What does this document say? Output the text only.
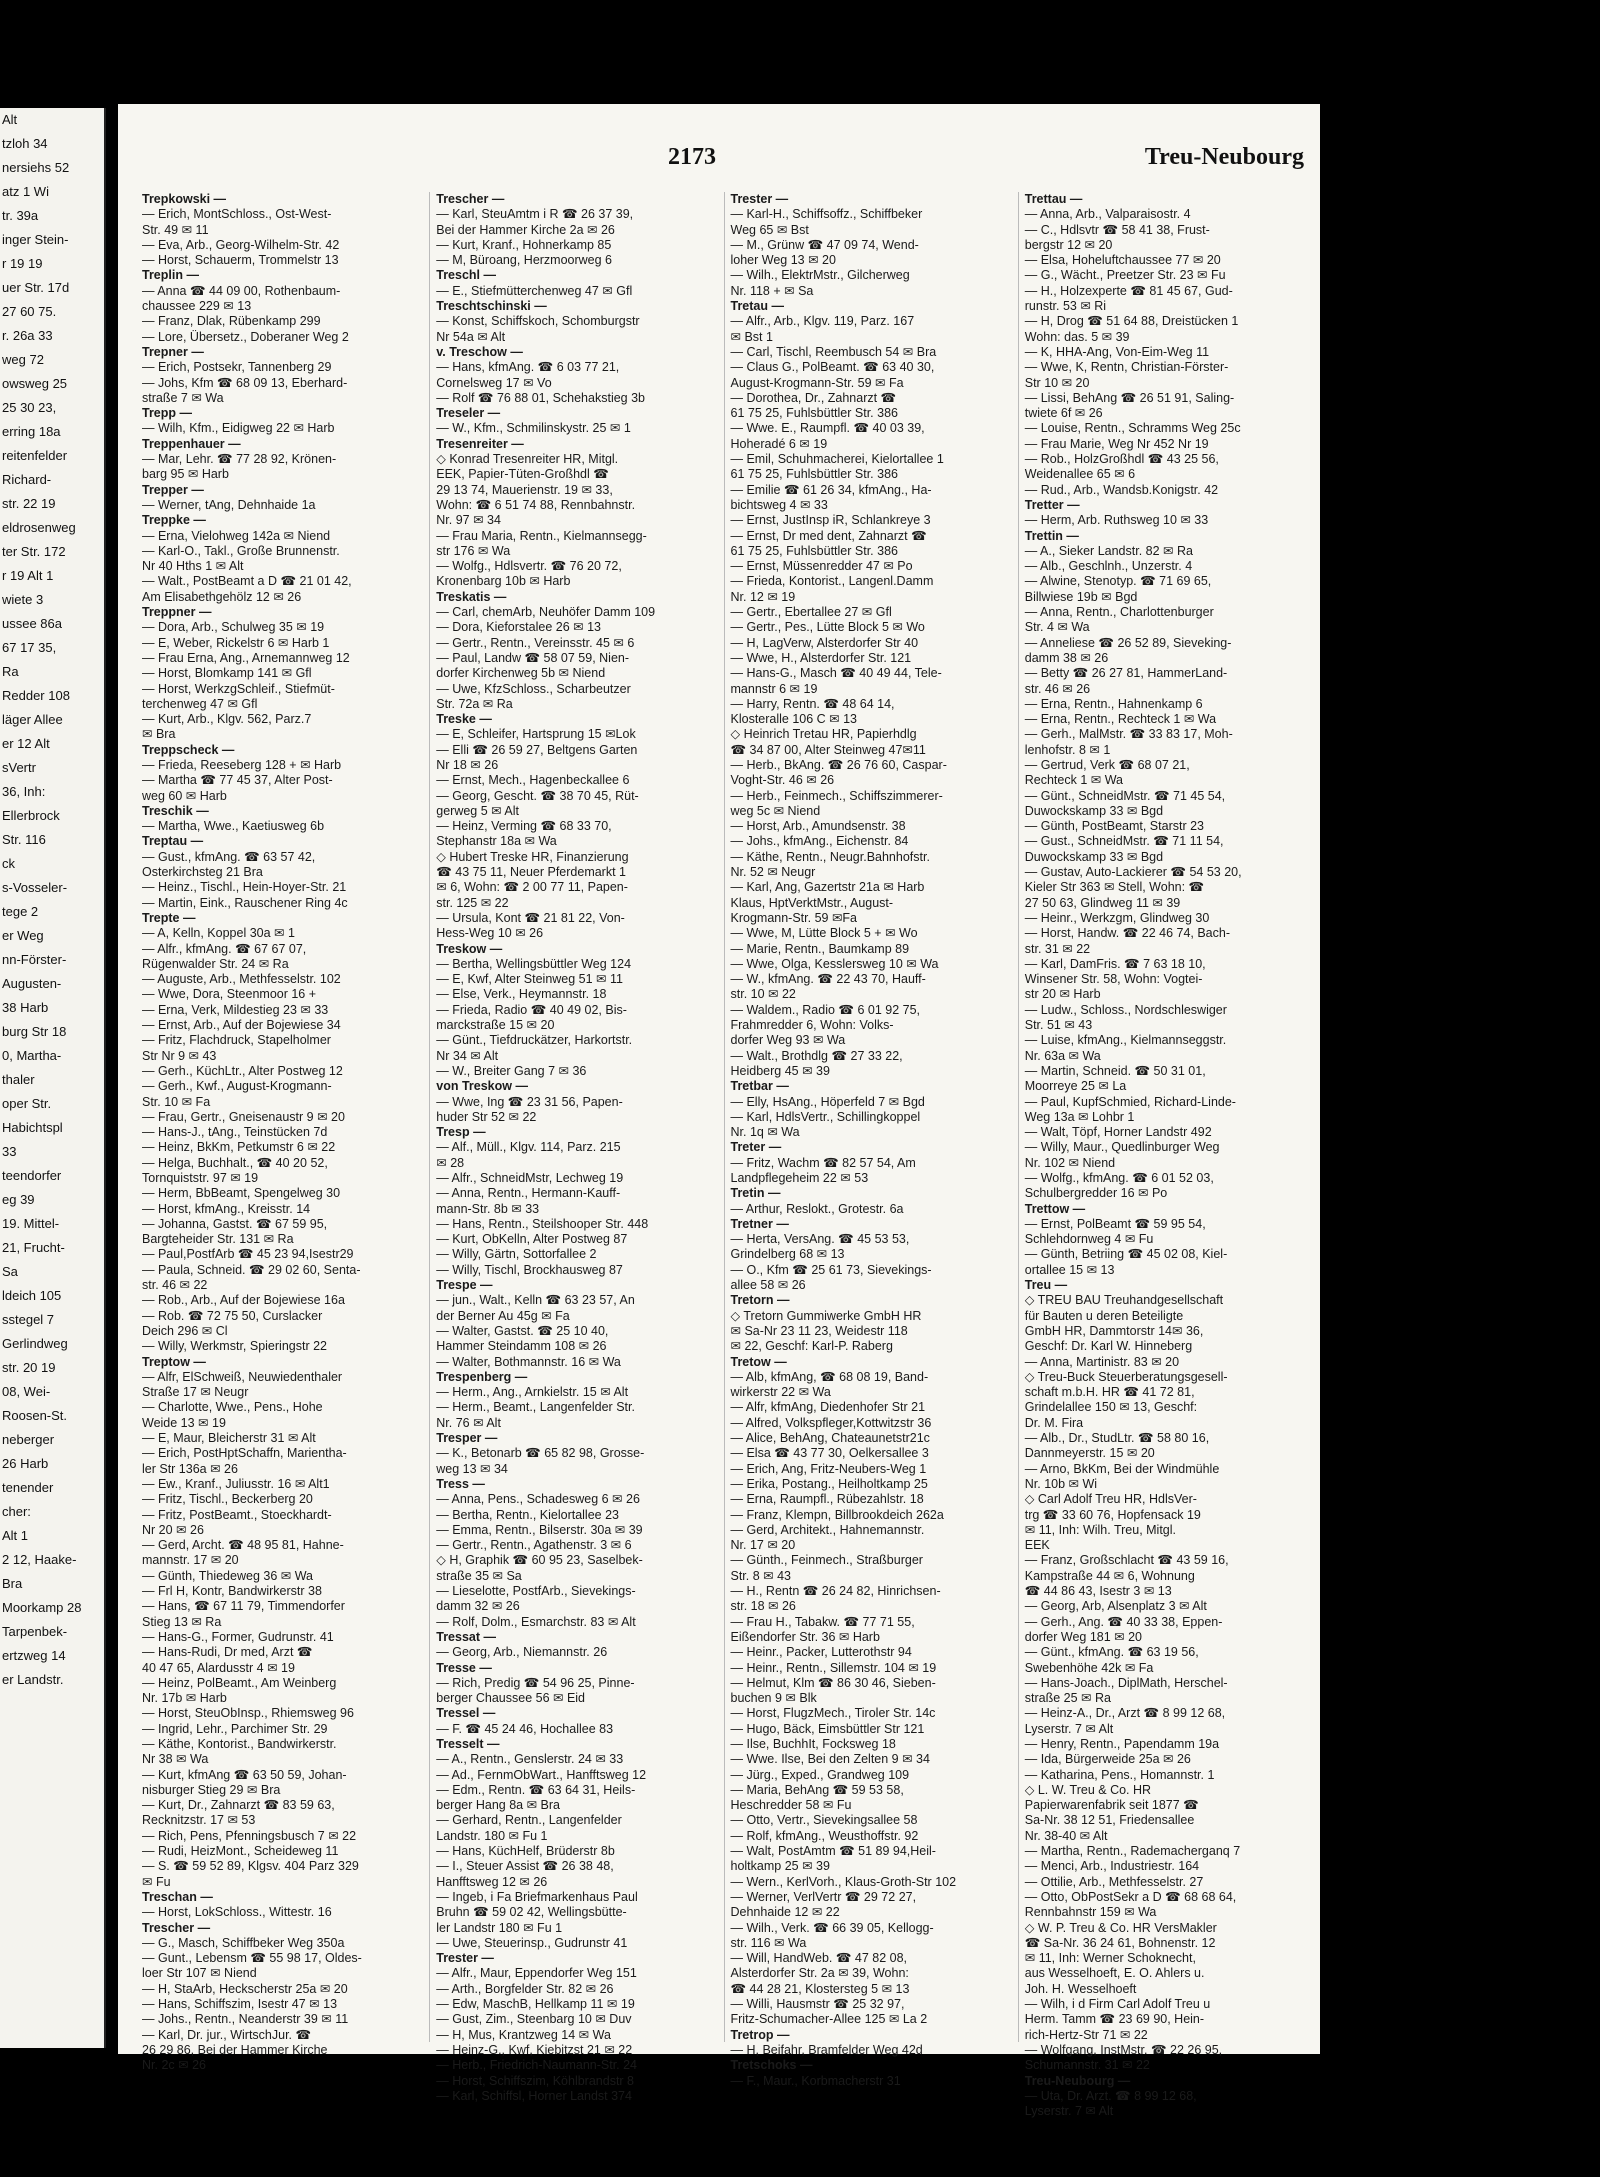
Alt
tzloh 34
nersiehs 52
atz 1 Wi
tr. 39a
inger Stein-
r 19 19
uer Str. 17d
27 60 75.
r. 26a 33
weg 72
owsweg 25
25 30 23,
erring 18a
reitenfelder
Richard-
str. 22 19
eldrosenweg
ter Str. 172
r 19 Alt 1
wiete 3
ussee 86a
67 17 35,
Ra
Redder 108
läger Allee
er 12 Alt
sVertr
36, Inh:
Ellerbrock
Str. 116
ck
s-Vosseler-
tege 2
er Weg
nn-Förster-
Augusten-
38 Harb
burg Str 18
0, Martha-
thaler
oper Str.
Habichtspl
33
teendorfer
eg 39
19. Mittel-
21, Frucht-
Sa
ldeich 105
sstegel 7
Gerlindweg
str. 20 19
08, Wei-
Roosen-St.
neberger
26 Harb
tenender
cher:
Alt 1
2 12, Haake-
Bra
Moorkamp 28
Tarpenbek-
ertzweg 14
er Landstr.
2173	Treu-Neubourg
Trepkowski —
— Erich, MontSchloss., Ost-West-
Str. 49 ✉ 11
— Eva, Arb., Georg-Wilhelm-Str. 42
— Horst, Schauerm, Trommelstr 13
Treplin —
— Anna ☎ 44 09 00, Rothenbaum-
chaussee 229 ✉ 13
— Franz, Dlak, Rübenkamp 299
— Lore, Übersetz., Doberaner Weg 2
Trepner —
— Erich, Postsekr, Tannenberg 29
— Johs, Kfm ☎ 68 09 13, Eberhard-
straße 7 ✉ Wa
Trepp —
— Wilh, Kfm., Eidigweg 22 ✉ Harb
Treppenhauer —
— Mar, Lehr. ☎ 77 28 92, Krönen-
barg 95 ✉ Harb
Trepper —
— Werner, tAng, Dehnhaide 1a
Treppke —
— Erna, Vielohweg 142a ✉ Niend
— Karl-O., Takl., Große Brunnenstr.
Nr 40 Hths 1 ✉ Alt
— Walt., PostBeamt a D ☎ 21 01 42,
Am Elisabethgehölz 12 ✉ 26
Treppner —
— Dora, Arb., Schulweg 35 ✉ 19
— E, Weber, Rickelstr 6 ✉ Harb 1
— Frau Erna, Ang., Arnemannweg 12
— Horst, Blomkamp 141 ✉ Gfl
— Horst, WerkzgSchleif., Stiefmüt-
terchenweg 47 ✉ Gfl
— Kurt, Arb., Klgv. 562, Parz.7
✉ Bra
Treppscheck —
— Frieda, Reeseberg 128 + ✉ Harb
— Martha ☎ 77 45 37, Alter Post-
weg 60 ✉ Harb
Treschik —
— Martha, Wwe., Kaetiusweg 6b
Treptau —
— Gust., kfmAng. ☎ 63 57 42,
Osterkirchsteg 21 Bra
— Heinz., Tischl., Hein-Hoyer-Str. 21
— Martin, Eink., Rauschener Ring 4c
Trepte —
— A, Kelln, Koppel 30a ✉ 1
— Alfr., kfmAng. ☎ 67 67 07,
Rügenwalder Str. 24 ✉ Ra
— Auguste, Arb., Methfesselstr. 102
— Wwe, Dora, Steenmoor 16 +
— Erna, Verk, Mildestieg 23 ✉ 33
— Ernst, Arb., Auf der Bojewiese 34
— Fritz, Flachdruck, Stapelholmer
Str Nr 9 ✉ 43
— Gerh., KüchLtr., Alter Postweg 12
— Gerh., Kwf., August-Krogmann-
Str. 10 ✉ Fa
— Frau, Gertr., Gneisenaustr 9 ✉ 20
— Hans-J., tAng., Teinstücken 7d
— Heinz, BkKm, Petkumstr 6 ✉ 22
— Helga, Buchhalt., ☎ 40 20 52,
Tornquiststr. 97 ✉ 19
— Herm, BbBeamt, Spengelweg 30
— Horst, kfmAng., Kreisstr. 14
— Johanna, Gastst. ☎ 67 59 95,
Bargteheider Str. 131 ✉ Ra
— Paul,PostfArb ☎ 45 23 94,Isestr29
— Paula, Schneid. ☎ 29 02 60, Senta-
str. 46 ✉ 22
— Rob., Arb., Auf der Bojewiese 16a
— Rob. ☎ 72 75 50, Curslacker
Deich 296 ✉ Cl
— Willy, Werkmstr, Spieringstr 22
Treptow —
— Alfr, ElSchweiß, Neuwiedenthaler
Straße 17 ✉ Neugr
— Charlotte, Wwe., Pens., Hohe
Weide 13 ✉ 19
— E, Maur, Bleicherstr 31 ✉ Alt
— Erich, PostHptSchaffn, Marientha-
ler Str 136a ✉ 26
— Ew., Kranf., Juliusstr. 16 ✉ Alt1
— Fritz, Tischl., Beckerberg 20
— Fritz, PostBeamt., Stoeckhardt-
Nr 20 ✉ 26
— Gerd, Archt. ☎ 48 95 81, Hahne-
mannstr. 17 ✉ 20
— Günth, Thiedeweg 36 ✉ Wa
— Frl H, Kontr, Bandwirkerstr 38
— Hans, ☎ 67 11 79, Timmendorfer
Stieg 13 ✉ Ra
— Hans-G., Former, Gudrunstr. 41
— Hans-Rudi, Dr med, Arzt ☎
40 47 65, Alardusstr 4 ✉ 19
— Heinz, PolBeamt., Am Weinberg
Nr. 17b ✉ Harb
— Horst, SteuObInsp., Rhiemsweg 96
— Ingrid, Lehr., Parchimer Str. 29
— Käthe, Kontorist., Bandwirkerstr.
Nr 38 ✉ Wa
— Kurt, kfmAng ☎ 63 50 59, Johan-
nisburger Stieg 29 ✉ Bra
— Kurt, Dr., Zahnarzt ☎ 83 59 63,
Recknitzstr. 17 ✉ 53
— Rich, Pens, Pfenningsbusch 7 ✉ 22
— Rudi, HeizMont., Scheideweg 11
— S. ☎ 59 52 89, Klgsv. 404 Parz 329
✉ Fu
Treschan —
— Horst, LokSchloss., Wittestr. 16
Trescher —
— G., Masch, Schiffbeker Weg 350a
— Gunt., Lebensm ☎ 55 98 17, Oldes-
loer Str 107 ✉ Niend
— H, StaArb, Heckscherstr 25a ✉ 20
— Hans, Schiffszim, Isestr 47 ✉ 13
— Johs., Rentn., Neanderstr 39 ✉ 11
— Karl, Dr. jur., WirtschJur. ☎
26 29 86, Bei der Hammer Kirche
Nr. 2c ✉ 26
Trescher —
— Karl, SteuAmtm i R ☎ 26 37 39,
Bei der Hammer Kirche 2a ✉ 26
— Kurt, Kranf., Hohnerkamp 85
— M, Büroang, Herzmoorweg 6
Treschl —
— E., Stiefmütterchenweg 47 ✉ Gfl
Treschtschinski —
— Konst, Schiffskoch, Schomburgstr
Nr 54a ✉ Alt
v. Treschow —
— Hans, kfmAng. ☎ 6 03 77 21,
Cornelsweg 17 ✉ Vo
— Rolf ☎ 76 88 01, Schehakstieg 3b
Treseler —
— W., Kfm., Schmilinskystr. 25 ✉ 1
Tresenreiter —
◇ Konrad Tresenreiter HR, Mitgl.
EEK, Papier-Tüten-Großhdl ☎
29 13 74, Mauerienstr. 19 ✉ 33,
Wohn: ☎ 6 51 74 88, Rennbahnstr.
Nr. 97 ✉ 34
— Frau Maria, Rentn., Kielmannsegg-
str 176 ✉ Wa
— Wolfg., Hdlsvertr. ☎ 76 20 72,
Kronenbarg 10b ✉ Harb
Treskatis —
— Carl, chemArb, Neuhöfer Damm 109
— Dora, Kieforstalee 26 ✉ 13
— Gertr., Rentn., Vereinsstr. 45 ✉ 6
— Paul, Landw ☎ 58 07 59, Nien-
dorfer Kirchenweg 5b ✉ Niend
— Uwe, KfzSchloss., Scharbeutzer
Str. 72a ✉ Ra
Treske —
— E, Schleifer, Hartsprung 15 ✉Lok
— Elli ☎ 26 59 27, Beltgens Garten
Nr 18 ✉ 26
— Ernst, Mech., Hagenbeckallee 6
— Georg, Gescht. ☎ 38 70 45, Rüt-
gerweg 5 ✉ Alt
— Heinz, Verming ☎ 68 33 70,
Stephanstr 18a ✉ Wa
◇ Hubert Treske HR, Finanzierung
☎ 43 75 11, Neuer Pferdemarkt 1
✉ 6, Wohn: ☎ 2 00 77 11, Papen-
str. 125 ✉ 22
— Ursula, Kont ☎ 21 81 22, Von-
Hess-Weg 10 ✉ 26
Treskow —
— Bertha, Wellingsbüttler Weg 124
— E, Kwf, Alter Steinweg 51 ✉ 11
— Else, Verk., Heymannstr. 18
— Frieda, Radio ☎ 40 49 02, Bis-
marckstraße 15 ✉ 20
— Günt., Tiefdruckätzer, Harkortstr.
Nr 34 ✉ Alt
— W., Breiter Gang 7 ✉ 36
von Treskow —
— Wwe, Ing ☎ 23 31 56, Papen-
huder Str 52 ✉ 22
Tresp —
— Alf., Müll., Klgv. 114, Parz. 215
✉ 28
— Alfr., SchneidMstr, Lechweg 19
— Anna, Rentn., Hermann-Kauff-
mann-Str. 8b ✉ 33
— Hans, Rentn., Steilshooper Str. 448
— Kurt, ObKelln, Alter Postweg 87
— Willy, Gärtn, Sottorfallee 2
— Willy, Tischl, Brockhausweg 87
Trespe —
— jun., Walt., Kelln ☎ 63 23 57, An
der Berner Au 45g ✉ Fa
— Walter, Gastst. ☎ 25 10 40,
Hammer Steindamm 108 ✉ 26
— Walter, Bothmannstr. 16 ✉ Wa
Trespenberg —
— Herm., Ang., Arnkielstr. 15 ✉ Alt
— Herm., Beamt., Langenfelder Str.
Nr. 76 ✉ Alt
Tresper —
— K., Betonarb ☎ 65 82 98, Grosse-
weg 13 ✉ 34
Tress —
— Anna, Pens., Schadesweg 6 ✉ 26
— Bertha, Rentn., Kielortallee 23
— Emma, Rentn., Bilserstr. 30a ✉ 39
— Gertr., Rentn., Agathenstr. 3 ✉ 6
◇ H, Graphik ☎ 60 95 23, Saselbek-
straße 35 ✉ Sa
— Lieselotte, PostfArb., Sievekings-
damm 32 ✉ 26
— Rolf, Dolm., Esmarchstr. 83 ✉ Alt
Tressat —
— Georg, Arb., Niemannstr. 26
Tresse —
— Rich, Predig ☎ 54 96 25, Pinne-
berger Chaussee 56 ✉ Eid
Tressel —
— F. ☎ 45 24 46, Hochallee 83
Tresselt —
— A., Rentn., Genslerstr. 24 ✉ 33
— Ad., FernmObWart., Hanfftsweg 12
— Edm., Rentn. ☎ 63 64 31, Heils-
berger Hang 8a ✉ Bra
— Gerhard, Rentn., Langenfelder
Landstr. 180 ✉ Fu 1
— Hans, KüchHelf, Brüderstr 8b
— I., Steuer Assist ☎ 26 38 48,
Hanfftsweg 12 ✉ 26
— Ingeb, i Fa Briefmarkenhaus Paul
Bruhn ☎ 59 02 42, Wellingsbütte-
ler Landstr 180 ✉ Fu 1
— Uwe, Steuerinsp., Gudrunstr 41
Trester —
— Alfr., Maur, Eppendorfer Weg 151
— Arth., Borgfelder Str. 82 ✉ 26
— Edw, MaschB, Hellkamp 11 ✉ 19
— Gust, Zim., Steenbarg 10 ✉ Duv
— H, Mus, Krantzweg 14 ✉ Wa
— Heinz-G., Kwf, Kiebitzst 21 ✉ 22
— Herb., Friedrich-Naumann-Str. 24
— Horst, Schiffszim, Köhlbrandstr 8
— Karl, Schiffsl, Horner Landst 374
Trester —
— Karl-H., Schiffsoffz., Schiffbeker
Weg 65 ✉ Bst
— M., Grünw ☎ 47 09 74, Wend-
loher Weg 13 ✉ 20
— Wilh., ElektrMstr., Gilcherweg
Nr. 118 + ✉ Sa
Tretau —
— Alfr., Arb., Klgv. 119, Parz. 167
✉ Bst 1
— Carl, Tischl, Reembusch 54 ✉ Bra
— Claus G., PolBeamt. ☎ 63 40 30,
August-Krogmann-Str. 59 ✉ Fa
— Dorothea, Dr., Zahnarzt ☎
61 75 25, Fuhlsbüttler Str. 386
— Wwe. E., Raumpfl. ☎ 40 03 39,
Hoheradé 6 ✉ 19
— Emil, Schuhmacherei, Kielortallee 1
61 75 25, Fuhlsbüttler Str. 386
— Emilie ☎ 61 26 34, kfmAng., Ha-
bichtsweg 4 ✉ 33
— Ernst, JustInsp iR, Schlankreye 3
— Ernst, Dr med dent, Zahnarzt ☎
61 75 25, Fuhlsbüttler Str. 386
— Ernst, Müssenredder 47 ✉ Po
— Frieda, Kontorist., Langenl.Damm
Nr. 12 ✉ 19
— Gertr., Ebertallee 27 ✉ Gfl
— Gertr., Pes., Lütte Block 5 ✉ Wo
— H, LagVerw, Alsterdorfer Str 40
— Wwe, H., Alsterdorfer Str. 121
— Hans-G., Masch ☎ 40 49 44, Tele-
mannstr 6 ✉ 19
— Harry, Rentn. ☎ 48 64 14,
Klosteralle 106 C ✉ 13
◇ Heinrich Tretau HR, Papierhdlg
☎ 34 87 00, Alter Steinweg 47✉11
— Herb., BkAng. ☎ 26 76 60, Caspar-
Voght-Str. 46 ✉ 26
— Herb., Feinmech., Schiffszimmerer-
weg 5c ✉ Niend
— Horst, Arb., Amundsenstr. 38
— Johs., kfmAng., Eichenstr. 84
— Käthe, Rentn., Neugr.Bahnhofstr.
Nr. 52 ✉ Neugr
— Karl, Ang, Gazertstr 21a ✉ Harb
Klaus, HptVerktMstr., August-
Krogmann-Str. 59 ✉Fa
— Wwe, M, Lütte Block 5 + ✉ Wo
— Marie, Rentn., Baumkamp 89
— Wwe, Olga, Kesslersweg 10 ✉ Wa
— W., kfmAng. ☎ 22 43 70, Hauff-
str. 10 ✉ 22
— Waldem., Radio ☎ 6 01 92 75,
Frahmredder 6, Wohn: Volks-
dorfer Weg 93 ✉ Wa
— Walt., Brothdlg ☎ 27 33 22,
Heidberg 45 ✉ 39
Tretbar —
— Elly, HsAng., Höperfeld 7 ✉ Bgd
— Karl, HdlsVertr., Schillingkoppel
Nr. 1q ✉ Wa
Treter —
— Fritz, Wachm ☎ 82 57 54, Am
Landpflegeheim 22 ✉ 53
Tretin —
— Arthur, Reslokt., Grotestr. 6a
Tretner —
— Herta, VersAng. ☎ 45 53 53,
Grindelberg 68 ✉ 13
— O., Kfm ☎ 25 61 73, Sievekings-
allee 58 ✉ 26
Tretorn —
◇ Tretorn Gummiwerke GmbH HR
✉ Sa-Nr 23 11 23, Weidestr 118
✉ 22, Geschf: Karl-P. Raberg
Tretow —
— Alb, kfmAng, ☎ 68 08 19, Band-
wirkerstr 22 ✉ Wa
— Alfr, kfmAng, Diedenhofer Str 21
— Alfred, Volkspfleger,Kottwitzstr 36
— Alice, BehAng, Chateaunetstr21c
— Elsa ☎ 43 77 30, Oelkersallee 3
— Erich, Ang, Fritz-Neubers-Weg 1
— Erika, Postang., Heilholtkamp 25
— Erna, Raumpfl., Rübezahlstr. 18
— Franz, Klempn, Billbrookdeich 262a
— Gerd, Architekt., Hahnemannstr.
Nr. 17 ✉ 20
— Günth., Feinmech., Straßburger
Str. 8 ✉ 43
— H., Rentn ☎ 26 24 82, Hinrichsen-
str. 18 ✉ 26
— Frau H., Tabakw. ☎ 77 71 55,
Eißendorfer Str. 36 ✉ Harb
— Heinr., Packer, Lutterothstr 94
— Heinr., Rentn., Sillemstr. 104 ✉ 19
— Helmut, Klm ☎ 86 30 46, Sieben-
buchen 9 ✉ Blk
— Horst, FlugzMech., Tiroler Str. 14c
— Hugo, Bäck, Eimsbüttler Str 121
— Ilse, BuchhIt, Focksweg 18
— Wwe. Ilse, Bei den Zelten 9 ✉ 34
— Jürg., Exped., Grandweg 109
— Maria, BehAng ☎ 59 53 58,
Heschredder 58 ✉ Fu
— Otto, Vertr., Sievekingsallee 58
— Rolf, kfmAng., Weusthoffstr. 92
— Walt, PostAmtm ☎ 51 89 94,Heil-
holtkamp 25 ✉ 39
— Wern., KerlVorh., Klaus-Groth-Str 102
— Werner, VerlVertr ☎ 29 72 27,
Dehnhaide 12 ✉ 22
— Wilh., Verk. ☎ 66 39 05, Kellogg-
str. 116 ✉ Wa
— Will, HandWeb. ☎ 47 82 08,
Alsterdorfer Str. 2a ✉ 39, Wohn:
☎ 44 28 21, Klostersteg 5 ✉ 13
— Willi, Hausmstr ☎ 25 32 97,
Fritz-Schumacher-Allee 125 ✉ La 2
Tretrop —
— H, Beifahr, Bramfelder Weg 42d
Tretschoks —
— F., Maur., Korbmacherstr 31
Trettau —
— Anna, Arb., Valparaisostr. 4
— C., Hdlsvtr ☎ 58 41 38, Frust-
bergstr 12 ✉ 20
— Elsa, Hoheluftchaussee 77 ✉ 20
— G., Wächt., Preetzer Str. 23 ✉ Fu
— H., Holzexperte ☎ 81 45 67, Gud-
runstr. 53 ✉ Ri
— H, Drog ☎ 51 64 88, Dreistücken 1
Wohn: das. 5 ✉ 39
— K, HHA-Ang, Von-Eim-Weg 11
— Wwe, K, Rentn, Christian-Förster-
Str 10 ✉ 20
— Lissi, BehAng ☎ 26 51 91, Saling-
twiete 6f ✉ 26
— Louise, Rentn., Schramms Weg 25c
— Frau Marie, Weg Nr 452 Nr 19
— Rob., HolzGroßhdl ☎ 43 25 56,
Weidenallee 65 ✉ 6
— Rud., Arb., Wandsb.Konigstr. 42
Tretter —
— Herm, Arb. Ruthsweg 10 ✉ 33
Trettin —
— A., Sieker Landstr. 82 ✉ Ra
— Alb., Geschlnh., Unzerstr. 4
— Alwine, Stenotyp. ☎ 71 69 65,
Billwiese 19b ✉ Bgd
— Anna, Rentn., Charlottenburger
Str. 4 ✉ Wa
— Anneliese ☎ 26 52 89, Sieveking-
damm 38 ✉ 26
— Betty ☎ 26 27 81, HammerLand-
str. 46 ✉ 26
— Erna, Rentn., Hahnenkamp 6
— Erna, Rentn., Rechteck 1 ✉ Wa
— Gerh., MalMstr. ☎ 33 83 17, Moh-
lenhofstr. 8 ✉ 1
— Gertrud, Verk ☎ 68 07 21,
Rechteck 1 ✉ Wa
— Günt., SchneidMstr. ☎ 71 45 54,
Duwockskamp 33 ✉ Bgd
— Günth, PostBeamt, Starstr 23
— Gust., SchneidMstr. ☎ 71 11 54,
Duwockskamp 33 ✉ Bgd
— Gustav, Auto-Lackierer ☎ 54 53 20,
Kieler Str 363 ✉ Stell, Wohn: ☎
27 50 63, Glindweg 11 ✉ 39
— Heinr., Werkzgm, Glindweg 30
— Horst, Handw. ☎ 22 46 74, Bach-
str. 31 ✉ 22
— Karl, DamFris. ☎ 7 63 18 10,
Winsener Str. 58, Wohn: Vogtei-
str 20 ✉ Harb
— Ludw., Schloss., Nordschleswiger
Str. 51 ✉ 43
— Luise, kfmAng., Kielmannseggstr.
Nr. 63a ✉ Wa
— Martin, Schneid. ☎ 50 31 01,
Moorreye 25 ✉ La
— Paul, KupfSchmied, Richard-Linde-
Weg 13a ✉ Lohbr 1
— Walt, Töpf, Horner Landstr 492
— Willy, Maur., Quedlinburger Weg
Nr. 102 ✉ Niend
— Wolfg., kfmAng. ☎ 6 01 52 03,
Schulbergredder 16 ✉ Po
Trettow —
— Ernst, PolBeamt ☎ 59 95 54,
Schlehdornweg 4 ✉ Fu
— Günth, Betriing ☎ 45 02 08, Kiel-
ortallee 15 ✉ 13
Treu —
◇ TREU BAU Treuhandgesellschaft
für Bauten u deren Beteiligte
GmbH HR, Dammtorstr 14✉ 36,
Geschf: Dr. Karl W. Hinneberg
— Anna, Martinistr. 83 ✉ 20
◇ Treu-Buck Steuerberatungsgesell-
schaft m.b.H. HR ☎ 41 72 81,
Grindelallee 150 ✉ 13, Geschf:
Dr. M. Fira
— Alb., Dr., StudLtr. ☎ 58 80 16,
Dannmeyerstr. 15 ✉ 20
— Arno, BkKm, Bei der Windmühle
Nr. 10b ✉ Wi
◇ Carl Adolf Treu HR, HdlsVer-
trg ☎ 33 60 76, Hopfensack 19
✉ 11, Inh: Wilh. Treu, Mitgl.
EEK
— Franz, Großschlacht ☎ 43 59 16,
Kampstraße 44 ✉ 6, Wohnung
☎ 44 86 43, Isestr 3 ✉ 13
— Georg, Arb, Alsenplatz 3 ✉ Alt
— Gerh., Ang. ☎ 40 33 38, Eppen-
dorfer Weg 181 ✉ 20
— Günt., kfmAng. ☎ 63 19 56,
Swebenhöhe 42k ✉ Fa
— Hans-Joach., DiplMath, Herschel-
straße 25 ✉ Ra
— Heinz-A., Dr., Arzt ☎ 8 99 12 68,
Lyserstr. 7 ✉ Alt
— Henry, Rentn., Papendamm 19a
— Ida, Bürgerweide 25a ✉ 26
— Katharina, Pens., Homannstr. 1
◇ L. W. Treu & Co. HR
Papierwarenfabrik seit 1877 ☎
Sa-Nr. 38 12 51, Friedensallee
Nr. 38-40 ✉ Alt
— Martha, Rentn., Rademacherganq 7
— Menci, Arb., Industriestr. 164
— Ottilie, Arb., Methfesselstr. 27
— Otto, ObPostSekr a D ☎ 68 68 64,
Rennbahnstr 159 ✉ Wa
◇ W. P. Treu & Co. HR VersMakler
☎ Sa-Nr. 36 24 61, Bohnenstr. 12
✉ 11, Inh: Werner Schoknecht,
aus Wesselhoeft, E. O. Ahlers u.
Joh. H. Wesselhoeft
— Wilh, i d Firm Carl Adolf Treu u
Herm. Tamm ☎ 23 69 90, Hein-
rich-Hertz-Str 71 ✉ 22
— Wolfgang, InstMstr. ☎ 22 26 95,
Schumannstr. 31 ✉ 22
Treu-Neubourg —
— Uta, Dr. Arzt. ☎ 8 99 12 68,
Lyserstr. 7 ✉ Alt
